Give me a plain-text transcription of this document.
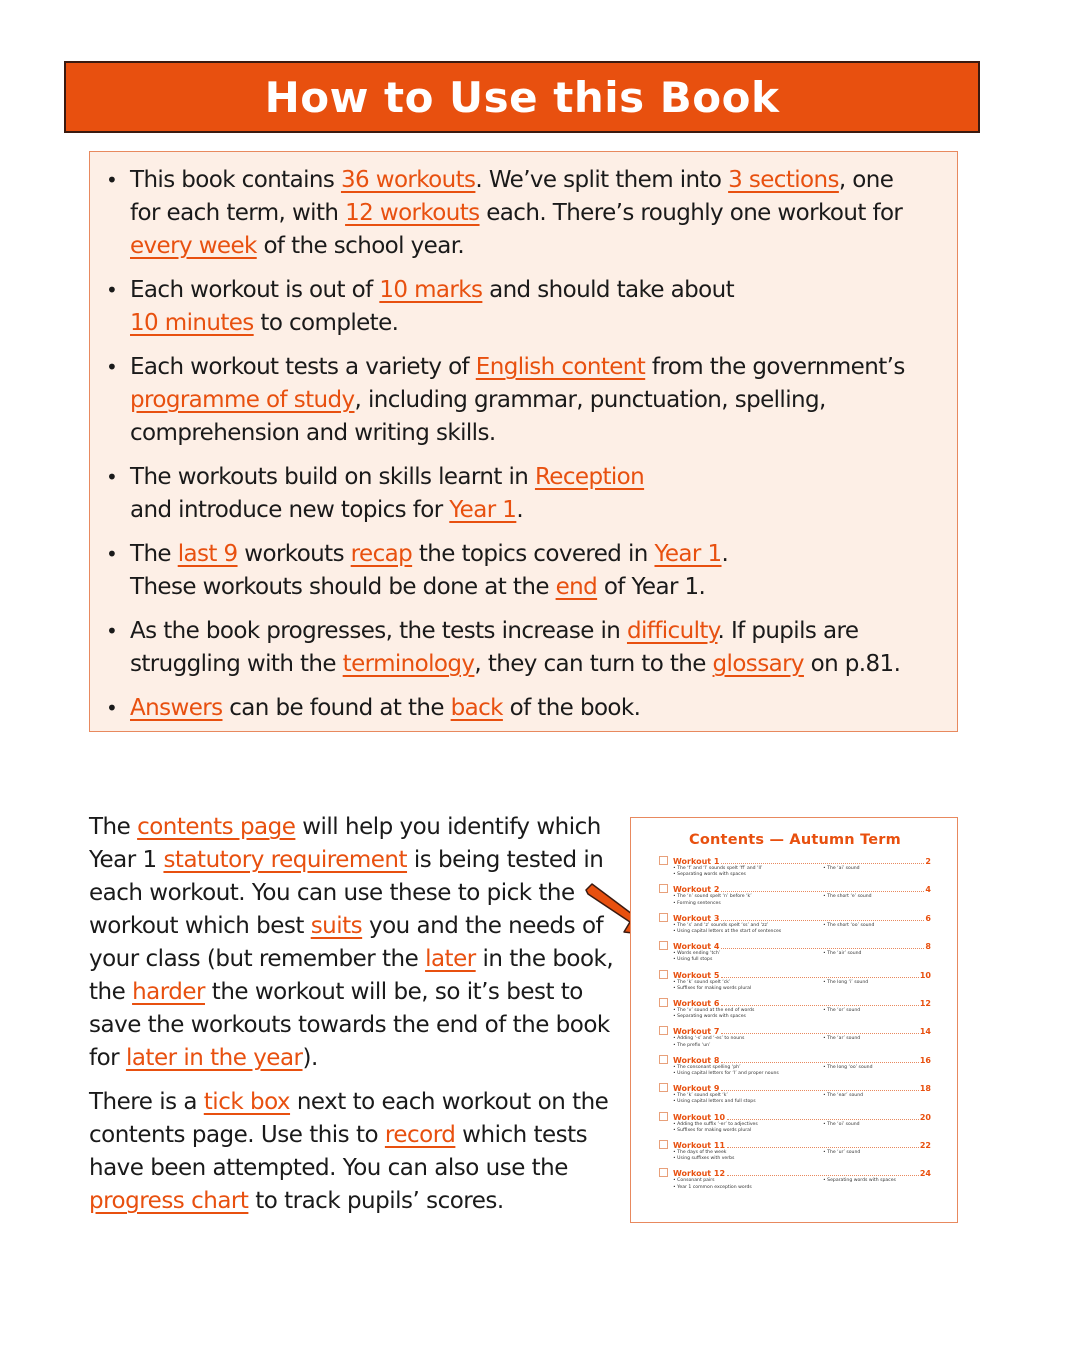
How to Use this Book
• This book contains 36 workouts. We’ve split them into 3 sections, one for each term, with 12 workouts each. There’s roughly one workout for every week of the school year.
• Each workout is out of 10 marks and should take about
10 minutes to complete.
• Each workout tests a variety of English content from the government’s programme of study, including grammar, punctuation, spelling, comprehension and writing skills.
• The workouts build on skills learnt in Reception
and introduce new topics for Year 1.
• The last 9 workouts recap the topics covered in Year 1.
These workouts should be done at the end of Year 1.
• As the book progresses, the tests increase in difficulty. If pupils are struggling with the terminology, they can turn to the glossary on p.81.
• Answers can be found at the back of the book.

The contents page will help you identify which Year 1 statutory requirement is being tested in each workout. You can use these to pick the workout which best suits you and the needs of your class (but remember the later in the book, the harder the workout will be, so it’s best to save the workouts towards the end of the book for later in the year).

There is a tick box next to each workout on the contents page. Use this to record which tests have been attempted. You can also use the progress chart to track pupils’ scores.

Contents — Autumn Term
Workout 1	2
• The ‘f’ and ‘l’ sounds spelt ‘ff’ and ‘ll’
• Separating words with spaces
• The ‘ai’ sound
Workout 2	4
• The ‘n’ sound spelt ‘n’ before ‘k’
• Forming sentences
• The short ‘e’ sound
Workout 3	6
• The ‘s’ and ‘z’ sounds spelt ‘ss’ and ‘zz’
• Using capital letters at the start of sentences
• The short ‘oo’ sound
Workout 4	8
• Words ending ‘tch’
• Using full stops
• The ‘air’ sound
Workout 5	10
• The ‘k’ sound spelt ‘ck’
• Suffixes for making words plural
• The long ‘i’ sound
Workout 6	12
• The ‘v’ sound at the end of words
• Separating words with spaces
• The ‘or’ sound
Workout 7	14
• Adding ‘-s’ and ‘-es’ to nouns
• The prefix ‘un’
• The ‘ar’ sound
Workout 8	16
• The consonant spelling ‘ph’
• Using capital letters for ‘I’ and proper nouns
• The long ‘oo’ sound
Workout 9	18
• The ‘k’ sound spelt ‘k’
• Using capital letters and full stops
• The ‘ear’ sound
Workout 10	20
• Adding the suffix ‘-er’ to adjectives
• Suffixes for making words plural
• The ‘oi’ sound
Workout 11	22
• The days of the week
• Using suffixes with verbs
• The ‘ur’ sound
Workout 12	24
• Consonant pairs
• Year 1 common exception words
• Separating words with spaces
